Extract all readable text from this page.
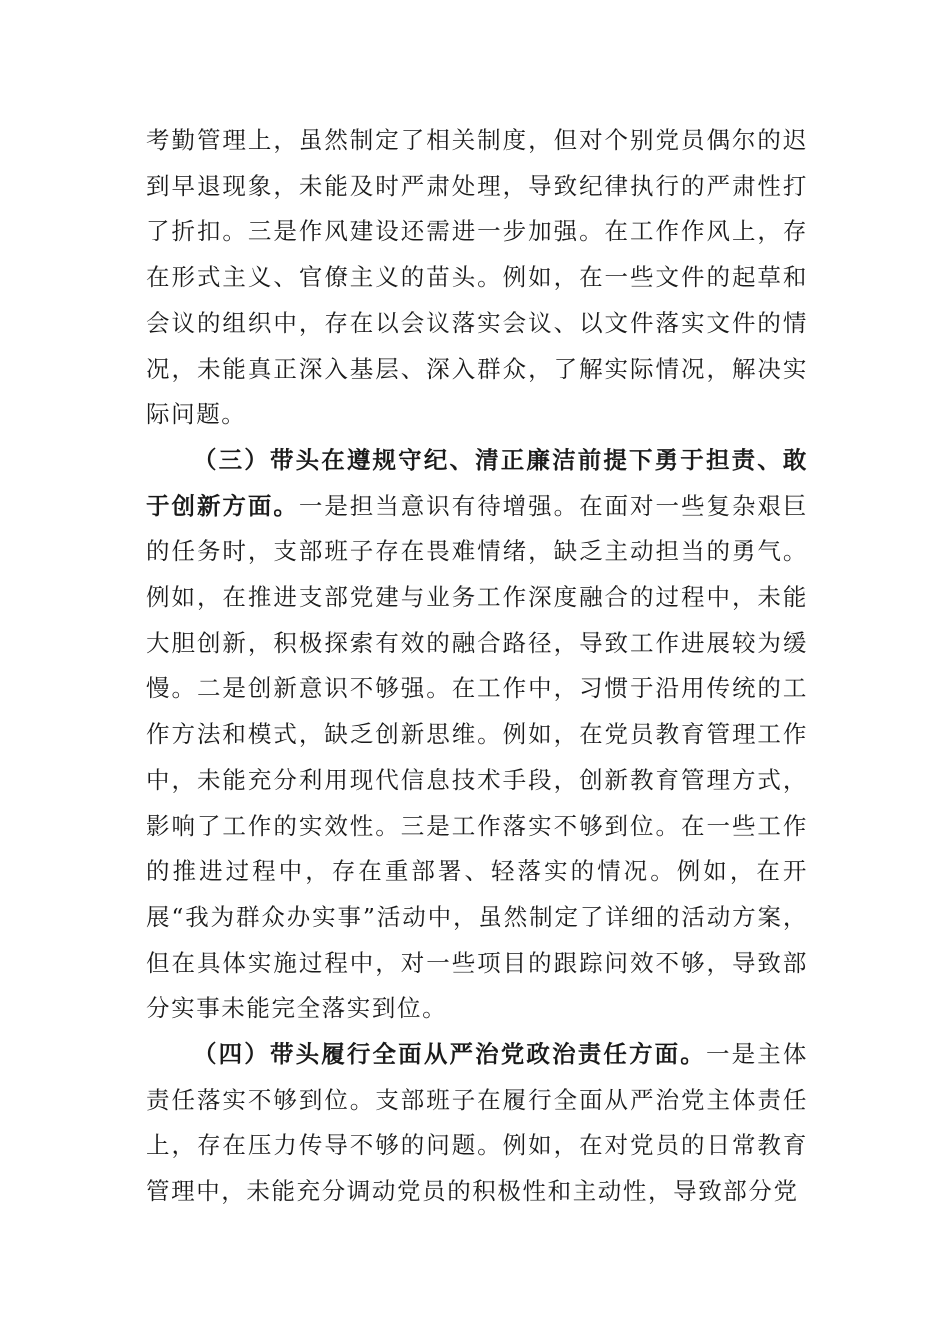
考勤管理上，虽然制定了相关制度，但对个别党员偶尔的迟到早退现象，未能及时严肃处理，导致纪律执行的严肃性打了折扣。三是作风建设还需进一步加强。在工作作风上，存在形式主义、官僚主义的苗头。例如，在一些文件的起草和会议的组织中，存在以会议落实会议、以文件落实文件的情况，未能真正深入基层、深入群众，了解实际情况，解决实际问题。

（三）带头在遵规守纪、清正廉洁前提下勇于担责、敢于创新方面。一是担当意识有待增强。在面对一些复杂艰巨的任务时，支部班子存在畏难情绪，缺乏主动担当的勇气。例如，在推进支部党建与业务工作深度融合的过程中，未能大胆创新，积极探索有效的融合路径，导致工作进展较为缓慢。二是创新意识不够强。在工作中，习惯于沿用传统的工作方法和模式，缺乏创新思维。例如，在党员教育管理工作中，未能充分利用现代信息技术手段，创新教育管理方式，影响了工作的实效性。三是工作落实不够到位。在一些工作的推进过程中，存在重部署、轻落实的情况。例如，在开展“我为群众办实事”活动中，虽然制定了详细的活动方案，但在具体实施过程中，对一些项目的跟踪问效不够，导致部分实事未能完全落实到位。

（四）带头履行全面从严治党政治责任方面。一是主体责任落实不够到位。支部班子在履行全面从严治党主体责任上，存在压力传导不够的问题。例如，在对党员的日常教育管理中，未能充分调动党员的积极性和主动性，导致部分党
